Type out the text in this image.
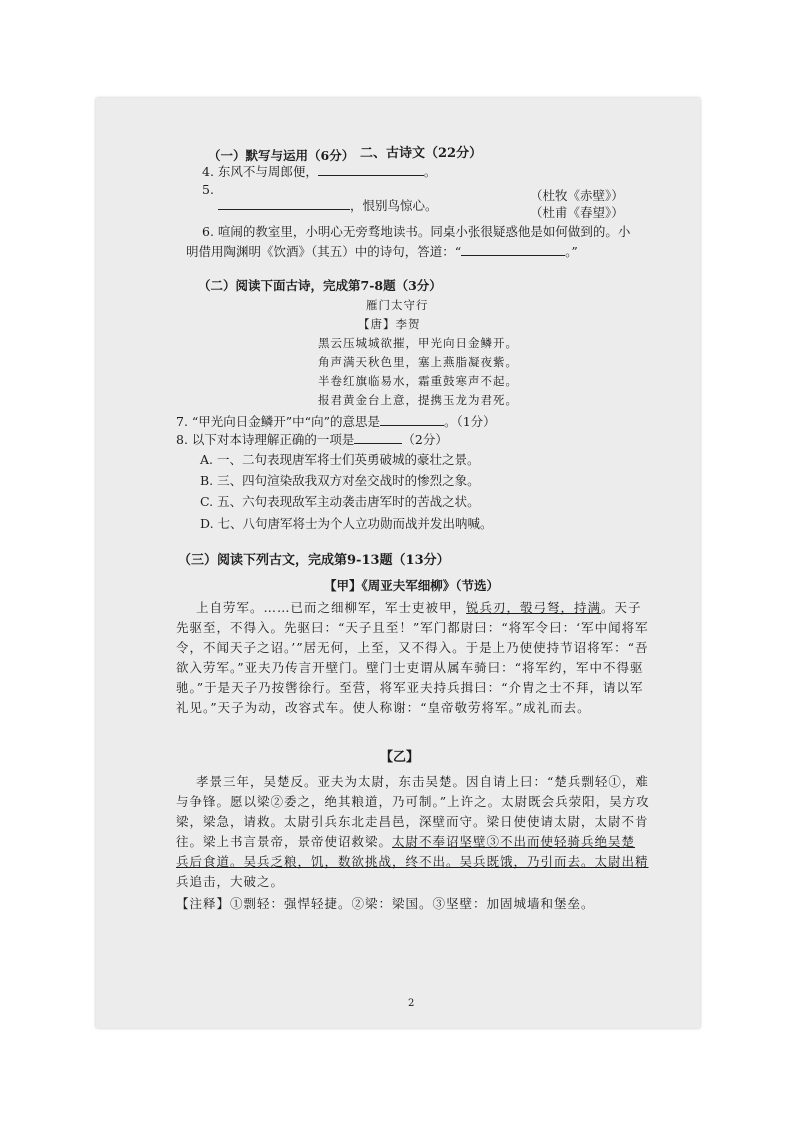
二、古诗文（22分）
（一）默写与运用（6分）
4. 东风不与周郎便，	。
（杜牧《赤壁》）
5.
，恨别鸟惊心。	（杜甫《春望》）
6. 喧闹的教室里，小明心无旁骛地读书。同桌小张很疑惑他是如何做到的。小
明借用陶渊明《饮酒》（其五）中的诗句，答道：“	。”
（二）阅读下面古诗，完成第7-8题（3分）
雁门太守行
【唐】李贺
黑云压城城欲摧，甲光向日金鳞开。
角声满天秋色里，塞上燕脂凝夜紫。
半卷红旗临易水，霜重鼓寒声不起。
报君黄金台上意，提携玉龙为君死。
7. “甲光向日金鳞开”中“向”的意思是	。（1分）
8. 以下对本诗理解正确的一项是	（2分）
A. 一、二句表现唐军将士们英勇破城的豪壮之景。
B. 三、四句渲染敌我双方对垒交战时的惨烈之象。
C. 五、六句表现敌军主动袭击唐军时的苦战之状。
D. 七、八句唐军将士为个人立功勋而战并发出呐喊。
（三）阅读下列古文，完成第9-13题（13分）
【甲】《周亚夫军细柳》（节选）
上自劳军。……已而之细柳军，军士吏被甲，锐兵刃，彀弓弩，持满。天子
先驱至，不得入。先驱曰：“天子且至！”军门都尉曰：“将军令曰：‘军中闻将军
令，不闻天子之诏。’”居无何，上至，又不得入。于是上乃使使持节诏将军：“吾
欲入劳军。”亚夫乃传言开壁门。壁门士吏谓从属车骑曰：“将军约，军中不得驱
驰。”于是天子乃按辔徐行。至营，将军亚夫持兵揖曰：“介胄之士不拜，请以军
礼见。”天子为动，改容式车。使人称谢：“皇帝敬劳将军。”成礼而去。
【乙】
孝景三年，吴楚反。亚夫为太尉，东击吴楚。因自请上曰：“楚兵剽轻①，难
与争锋。愿以梁②委之，绝其粮道，乃可制。”上许之。太尉既会兵荥阳，吴方攻
梁，梁急，请救。太尉引兵东北走昌邑，深壁而守。梁日使使请太尉，太尉不肯
往。梁上书言景帝，景帝使诏救梁。太尉不奉诏坚壁③不出而使轻骑兵绝吴楚
兵后食道。吴兵乏粮，饥，数欲挑战，终不出。吴兵既饿，乃引而去。太尉出精
兵追击，大破之。
【注释】①剽轻：强悍轻捷。②梁：梁国。③坚壁：加固城墙和堡垒。
2
